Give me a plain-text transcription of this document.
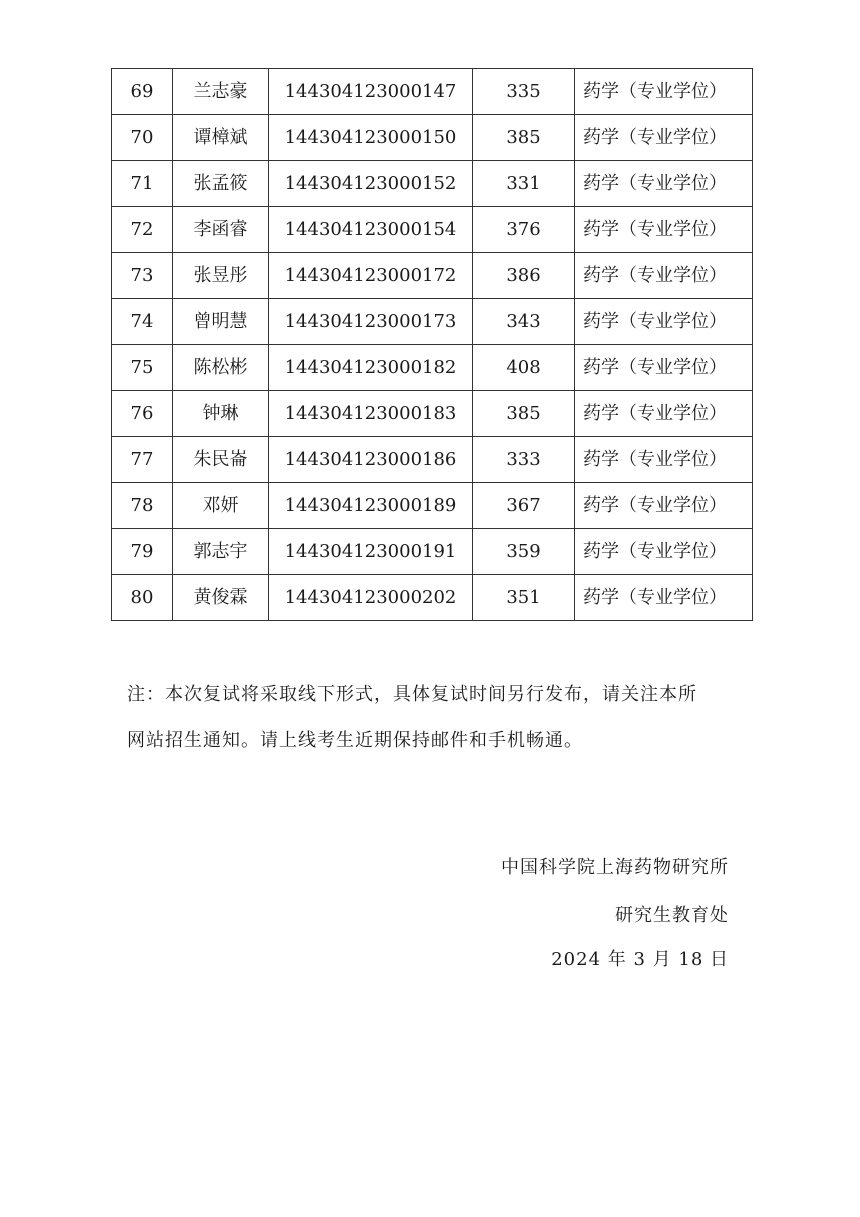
69	兰志豪	144304123000147	335	药学（专业学位）
70	谭樟斌	144304123000150	385	药学（专业学位）
71	张孟筱	144304123000152	331	药学（专业学位）
72	李函睿	144304123000154	376	药学（专业学位）
73	张昱彤	144304123000172	386	药学（专业学位）
74	曾明慧	144304123000173	343	药学（专业学位）
75	陈松彬	144304123000182	408	药学（专业学位）
76	钟琳	144304123000183	385	药学（专业学位）
77	朱民崙	144304123000186	333	药学（专业学位）
78	邓妍	144304123000189	367	药学（专业学位）
79	郭志宇	144304123000191	359	药学（专业学位）
80	黄俊霖	144304123000202	351	药学（专业学位）

注：本次复试将采取线下形式，具体复试时间另行发布，请关注本所

网站招生通知。请上线考生近期保持邮件和手机畅通。

中国科学院上海药物研究所
研究生教育处
2024 年 3 月 18 日
